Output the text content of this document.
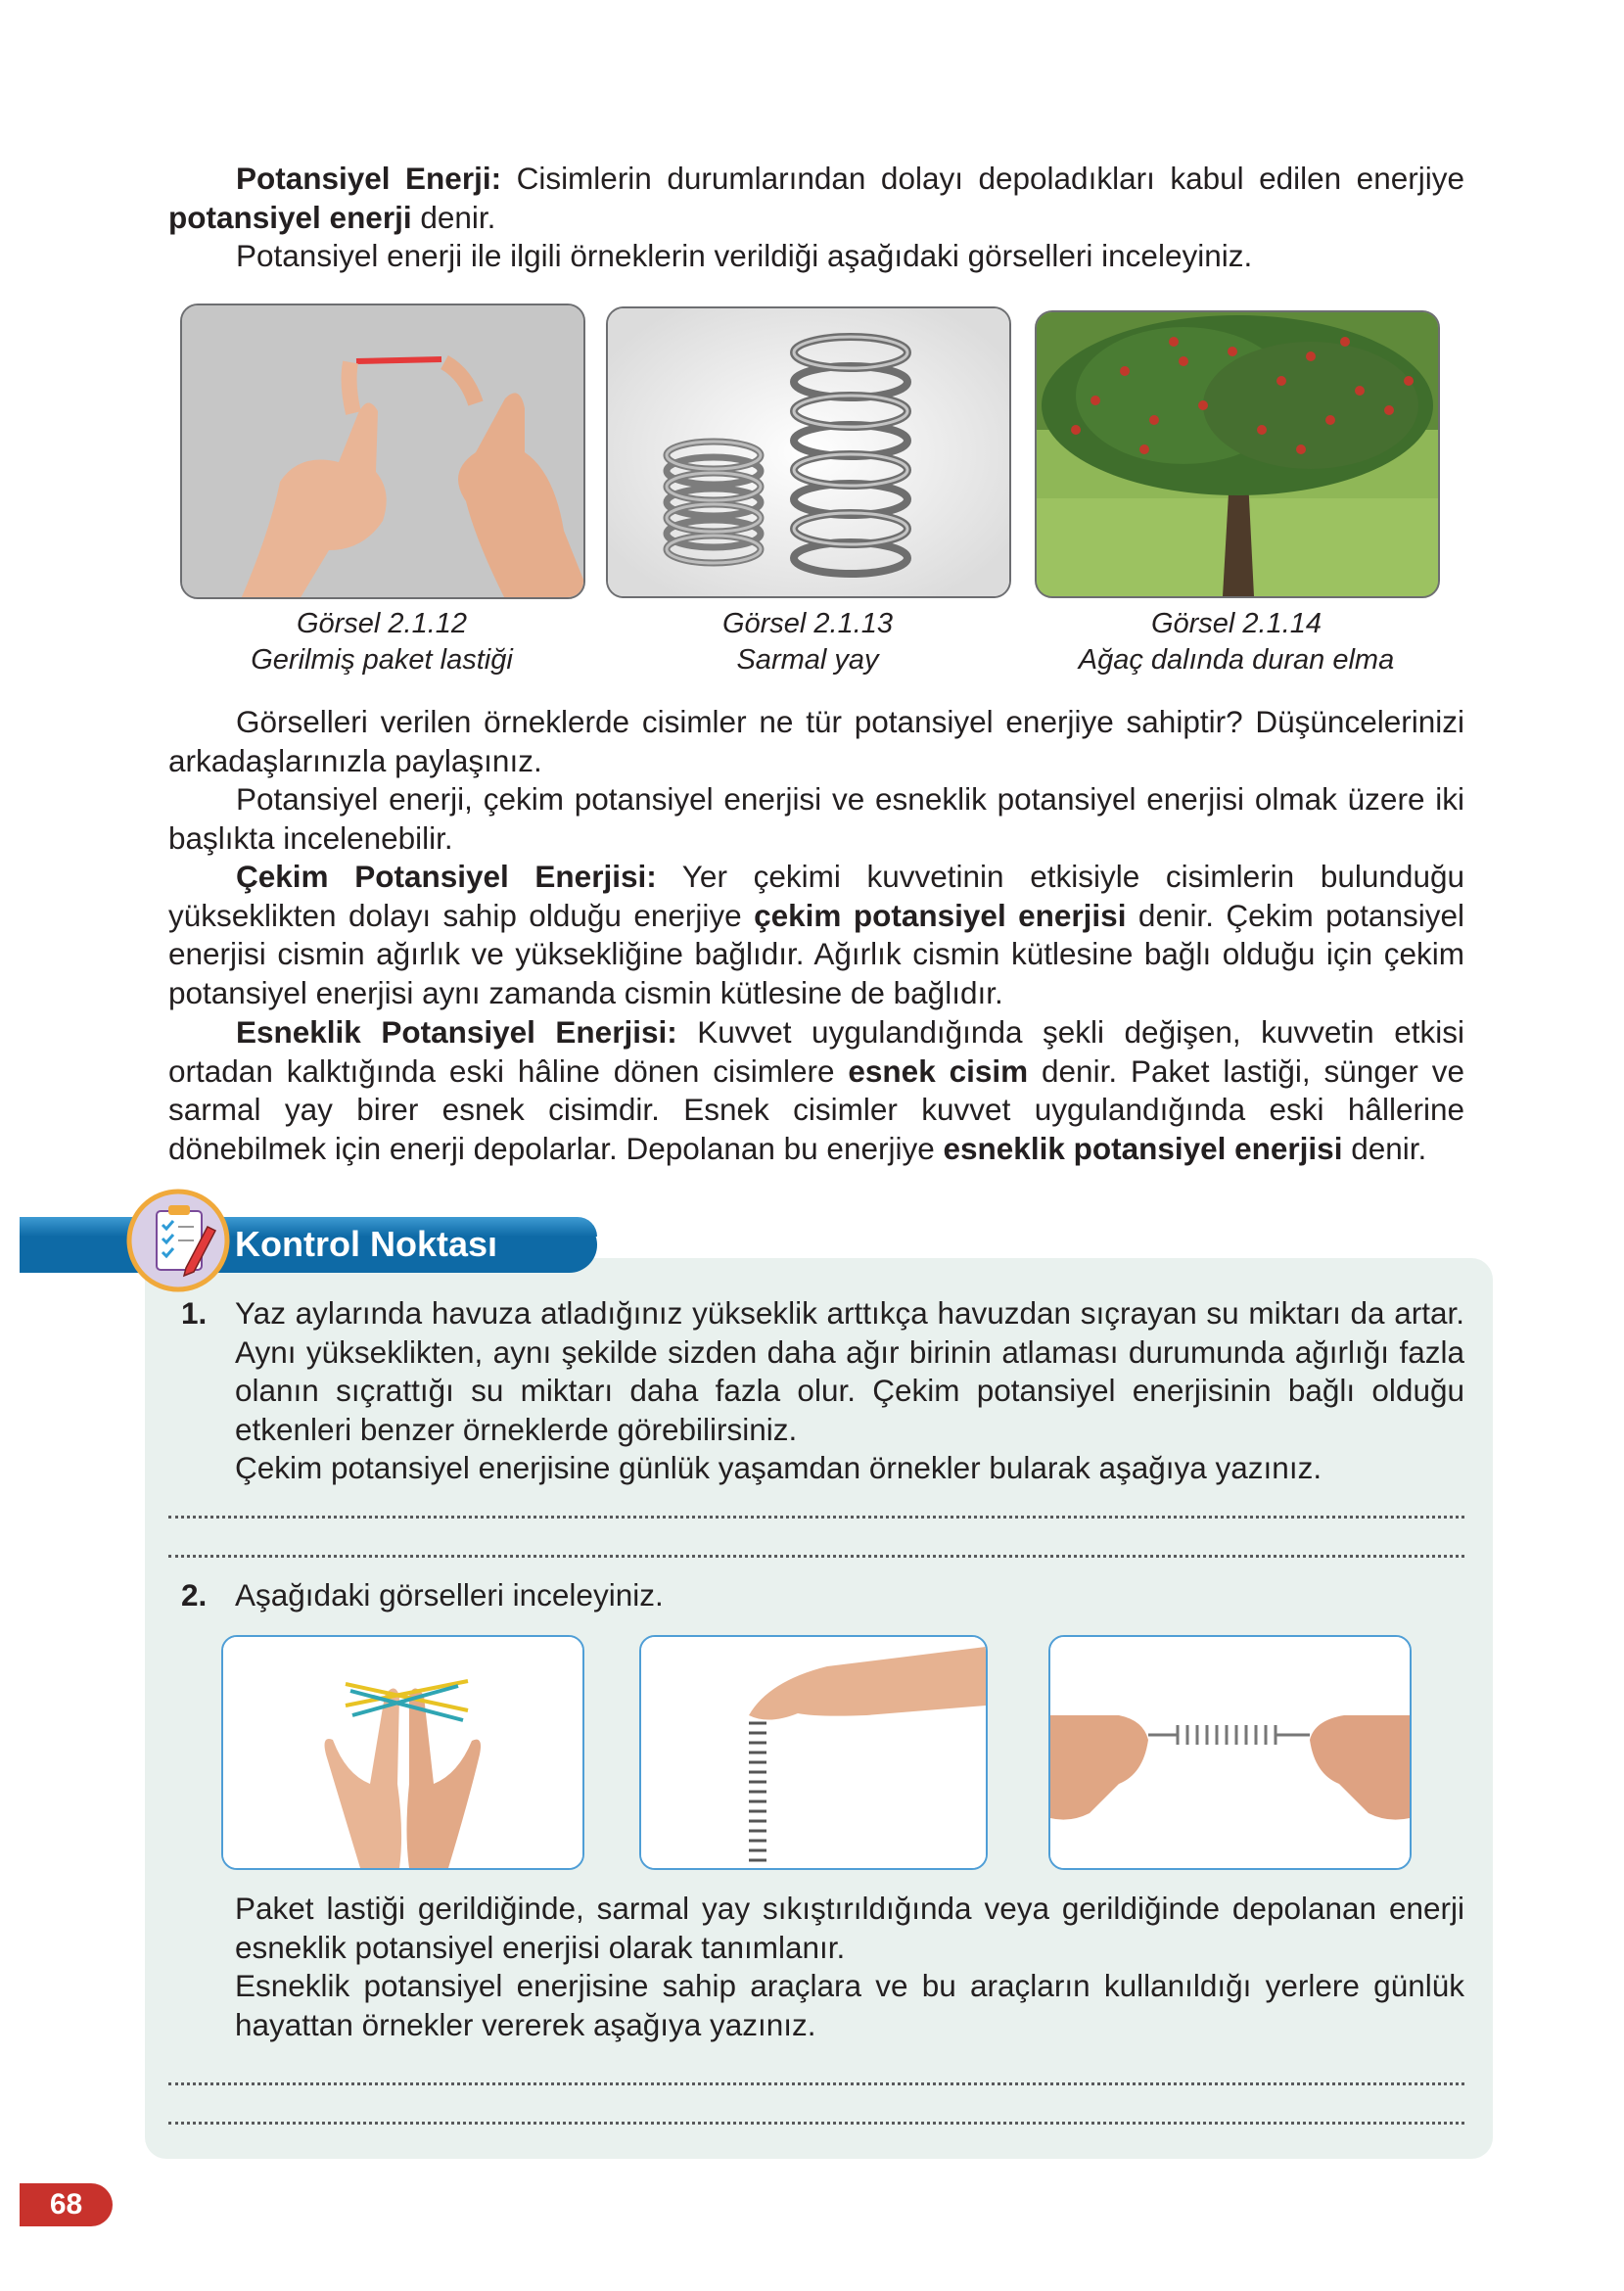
Potansiyel Enerji: Cisimlerin durumlarından dolayı depoladıkları kabul edilen enerjiye potansiyel enerji denir.

Potansiyel enerji ile ilgili örneklerin verildiği aşağıdaki görselleri inceleyiniz.

Görsel 2.1.12
Gerilmiş paket lastiği
Görsel 2.1.13
Sarmal yay
Görsel 2.1.14
Ağaç dalında duran elma

Görselleri verilen örneklerde cisimler ne tür potansiyel enerjiye sahiptir? Düşüncelerinizi arkadaşlarınızla paylaşınız.

Potansiyel enerji, çekim potansiyel enerjisi ve esneklik potansiyel enerjisi olmak üzere iki başlıkta incelenebilir.

Çekim Potansiyel Enerjisi: Yer çekimi kuvvetinin etkisiyle cisimlerin bulunduğu yükseklikten dolayı sahip olduğu enerjiye çekim potansiyel enerjisi denir. Çekim potansiyel enerjisi cismin ağırlık ve yüksekliğine bağlıdır. Ağırlık cismin kütlesine bağlı olduğu için çekim potansiyel enerjisi aynı zamanda cismin kütlesine de bağlıdır.

Esneklik Potansiyel Enerjisi: Kuvvet uygulandığında şekli değişen, kuvvetin etkisi ortadan kalktığında eski hâline dönen cisimlere esnek cisim denir. Paket lastiği, sünger ve sarmal yay birer esnek cisimdir. Esnek cisimler kuvvet uygulandığında eski hâllerine dönebilmek için enerji depolarlar. Depolanan bu enerjiye esneklik potansiyel enerjisi denir.

Kontrol Noktası
1. Yaz aylarında havuza atladığınız yükseklik arttıkça havuzdan sıçrayan su miktarı da artar. Aynı yükseklikten, aynı şekilde sizden daha ağır birinin atlaması durumunda ağırlığı fazla olanın sıçrattığı su miktarı daha fazla olur. Çekim potansiyel enerjisinin bağlı olduğu etkenleri benzer örneklerde görebilirsiniz.

Çekim potansiyel enerjisine günlük yaşamdan örnekler bularak aşağıya yazınız.

2. Aşağıdaki görselleri inceleyiniz.

Paket lastiği gerildiğinde, sarmal yay sıkıştırıldığında veya gerildiğinde depolanan enerji esneklik potansiyel enerjisi olarak tanımlanır.

Esneklik potansiyel enerjisine sahip araçlara ve bu araçların kullanıldığı yerlere günlük hayattan örnekler vererek aşağıya yazınız.

68
